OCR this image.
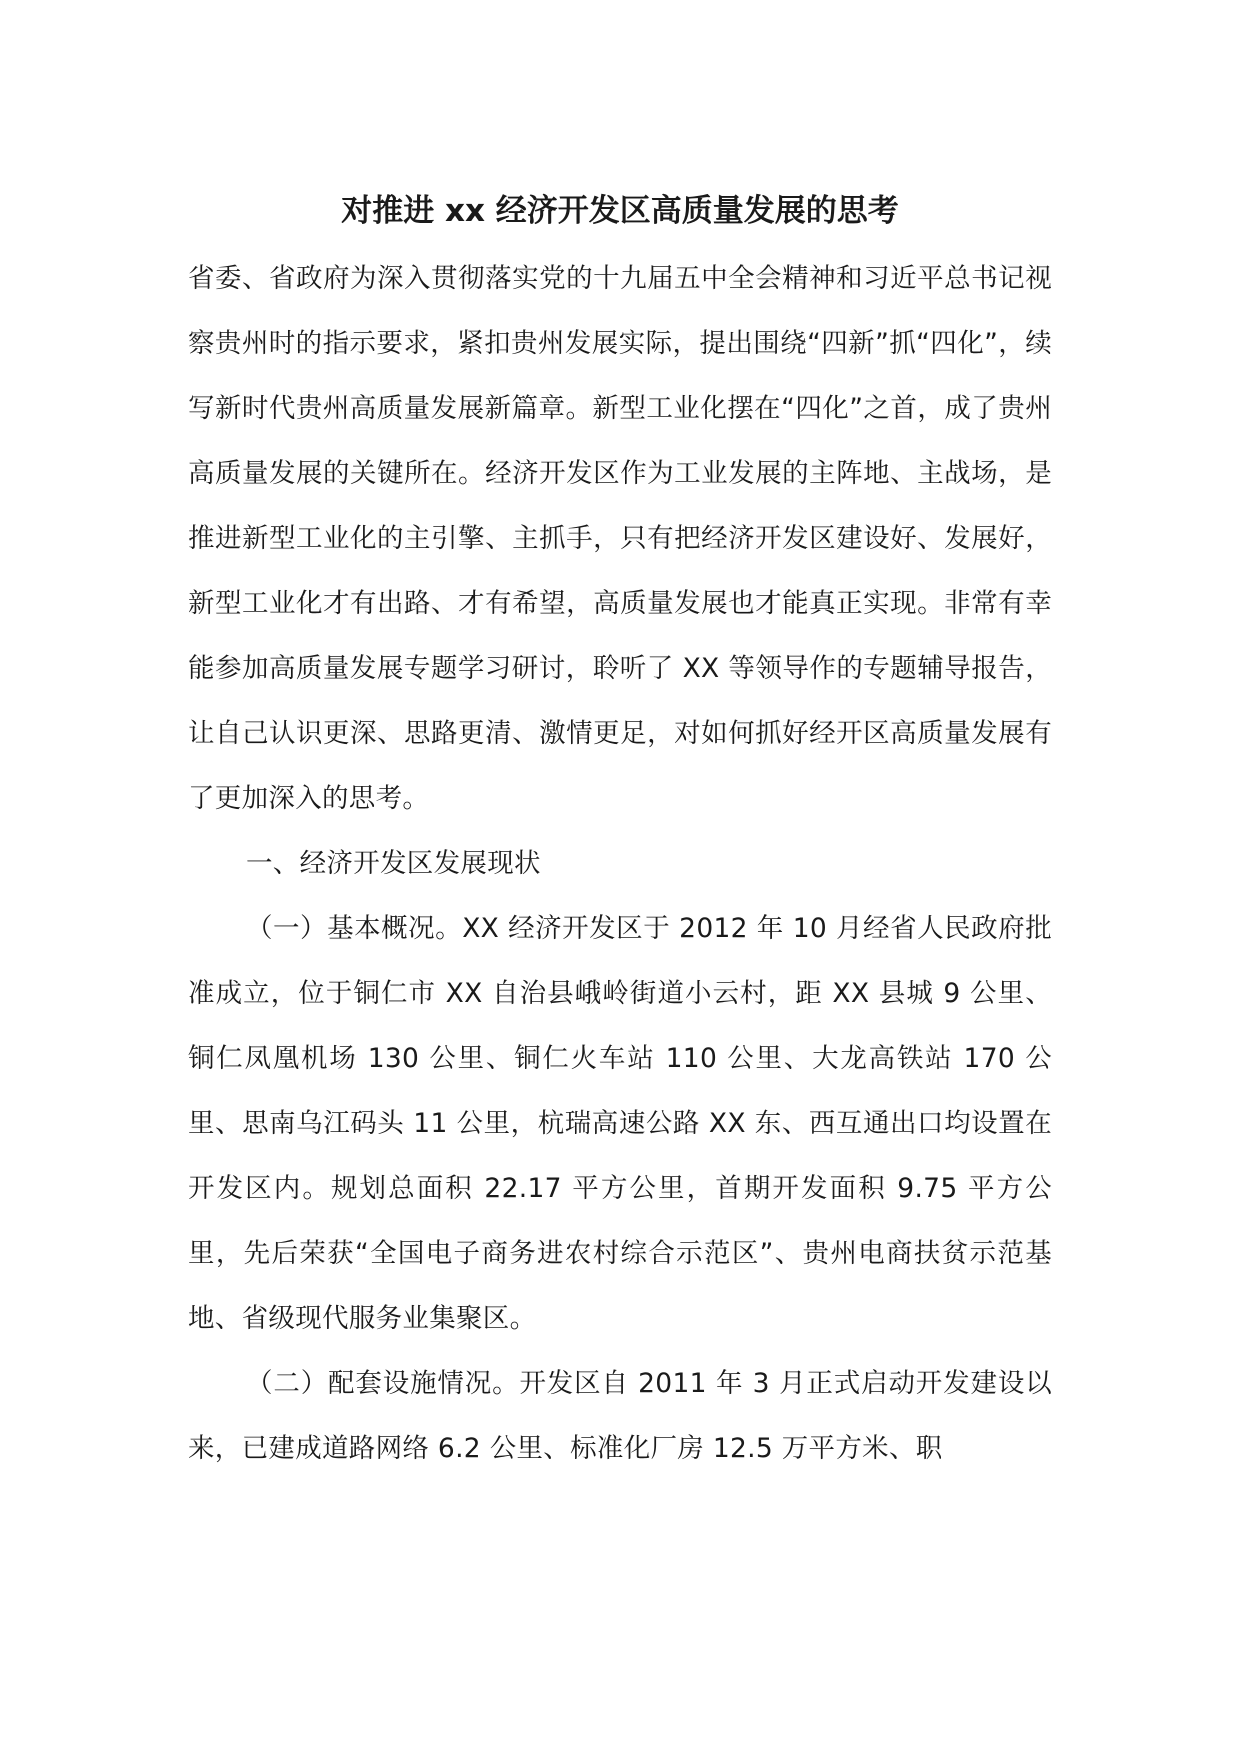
对推进 xx 经济开发区高质量发展的思考

省委、省政府为深入贯彻落实党的十九届五中全会精神和习近平总书记视察贵州时的指示要求，紧扣贵州发展实际，提出围绕“四新”抓“四化”，续写新时代贵州高质量发展新篇章。新型工业化摆在“四化”之首，成了贵州高质量发展的关键所在。经济开发区作为工业发展的主阵地、主战场，是推进新型工业化的主引擎、主抓手，只有把经济开发区建设好、发展好，新型工业化才有出路、才有希望，高质量发展也才能真正实现。非常有幸能参加高质量发展专题学习研讨，聆听了 XX 等领导作的专题辅导报告，让自己认识更深、思路更清、激情更足，对如何抓好经开区高质量发展有了更加深入的思考。

一、经济开发区发展现状

（一）基本概况。XX 经济开发区于 2012 年 10 月经省人民政府批准成立，位于铜仁市 XX 自治县峨岭街道小云村，距 XX 县城 9 公里、铜仁凤凰机场 130 公里、铜仁火车站 110 公里、大龙高铁站 170 公里、思南乌江码头 11 公里，杭瑞高速公路 XX 东、西互通出口均设置在开发区内。规划总面积 22.17 平方公里，首期开发面积 9.75 平方公里，先后荣获“全国电子商务进农村综合示范区”、贵州电商扶贫示范基地、省级现代服务业集聚区。

（二）配套设施情况。开发区自 2011 年 3 月正式启动开发建设以来，已建成道路网络 6.2 公里、标准化厂房 12.5 万平方米、职
